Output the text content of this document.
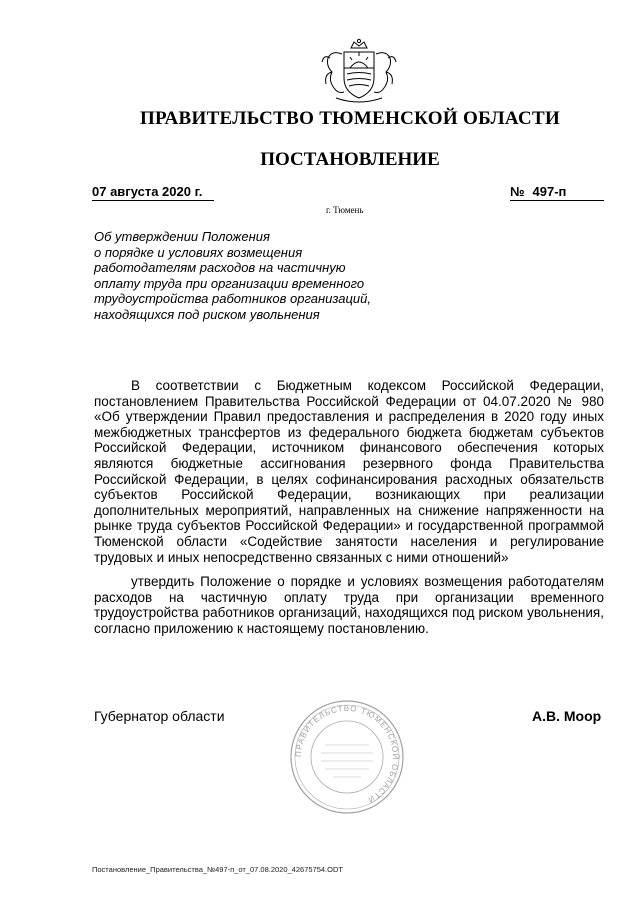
ПРАВИТЕЛЬСТВО ТЮМЕНСКОЙ ОБЛАСТИ
ПОСТАНОВЛЕНИЕ
07 августа 2020 г.	№ 497-п
г. Тюмень
Об утверждении Положения
о порядке и условиях возмещения
работодателям расходов на частичную
оплату труда при организации временного
трудоустройства работников организаций,
находящихся под риском увольнения

В соответствии с Бюджетным кодексом Российской Федерации, постановлением Правительства Российской Федерации от 04.07.2020 № 980 «Об утверждении Правил предоставления и распределения в 2020 году иных межбюджетных трансфертов из федерального бюджета бюджетам субъектов Российской Федерации, источником финансового обеспечения которых являются бюджетные ассигнования резервного фонда Правительства Российской Федерации, в целях софинансирования расходных обязательств субъектов Российской Федерации, возникающих при реализации дополнительных мероприятий, направленных на снижение напряженности на рынке труда субъектов Российской Федерации» и государственной программой Тюменской области «Содействие занятости населения и регулирование трудовых и иных непосредственно связанных с ними отношений»

утвердить Положение о порядке и условиях возмещения работодателям расходов на частичную оплату труда при организации временного трудоустройства работников организаций, находящихся под риском увольнения, согласно приложению к настоящему постановлению.

Губернатор области	А.В. Моор
ПРАВИТЕЛЬСТВО ТЮМЕНСКОЙ ОБЛАСТИ
Постановление_Правительства_№497-п_от_07.08.2020_42675754.ODT
